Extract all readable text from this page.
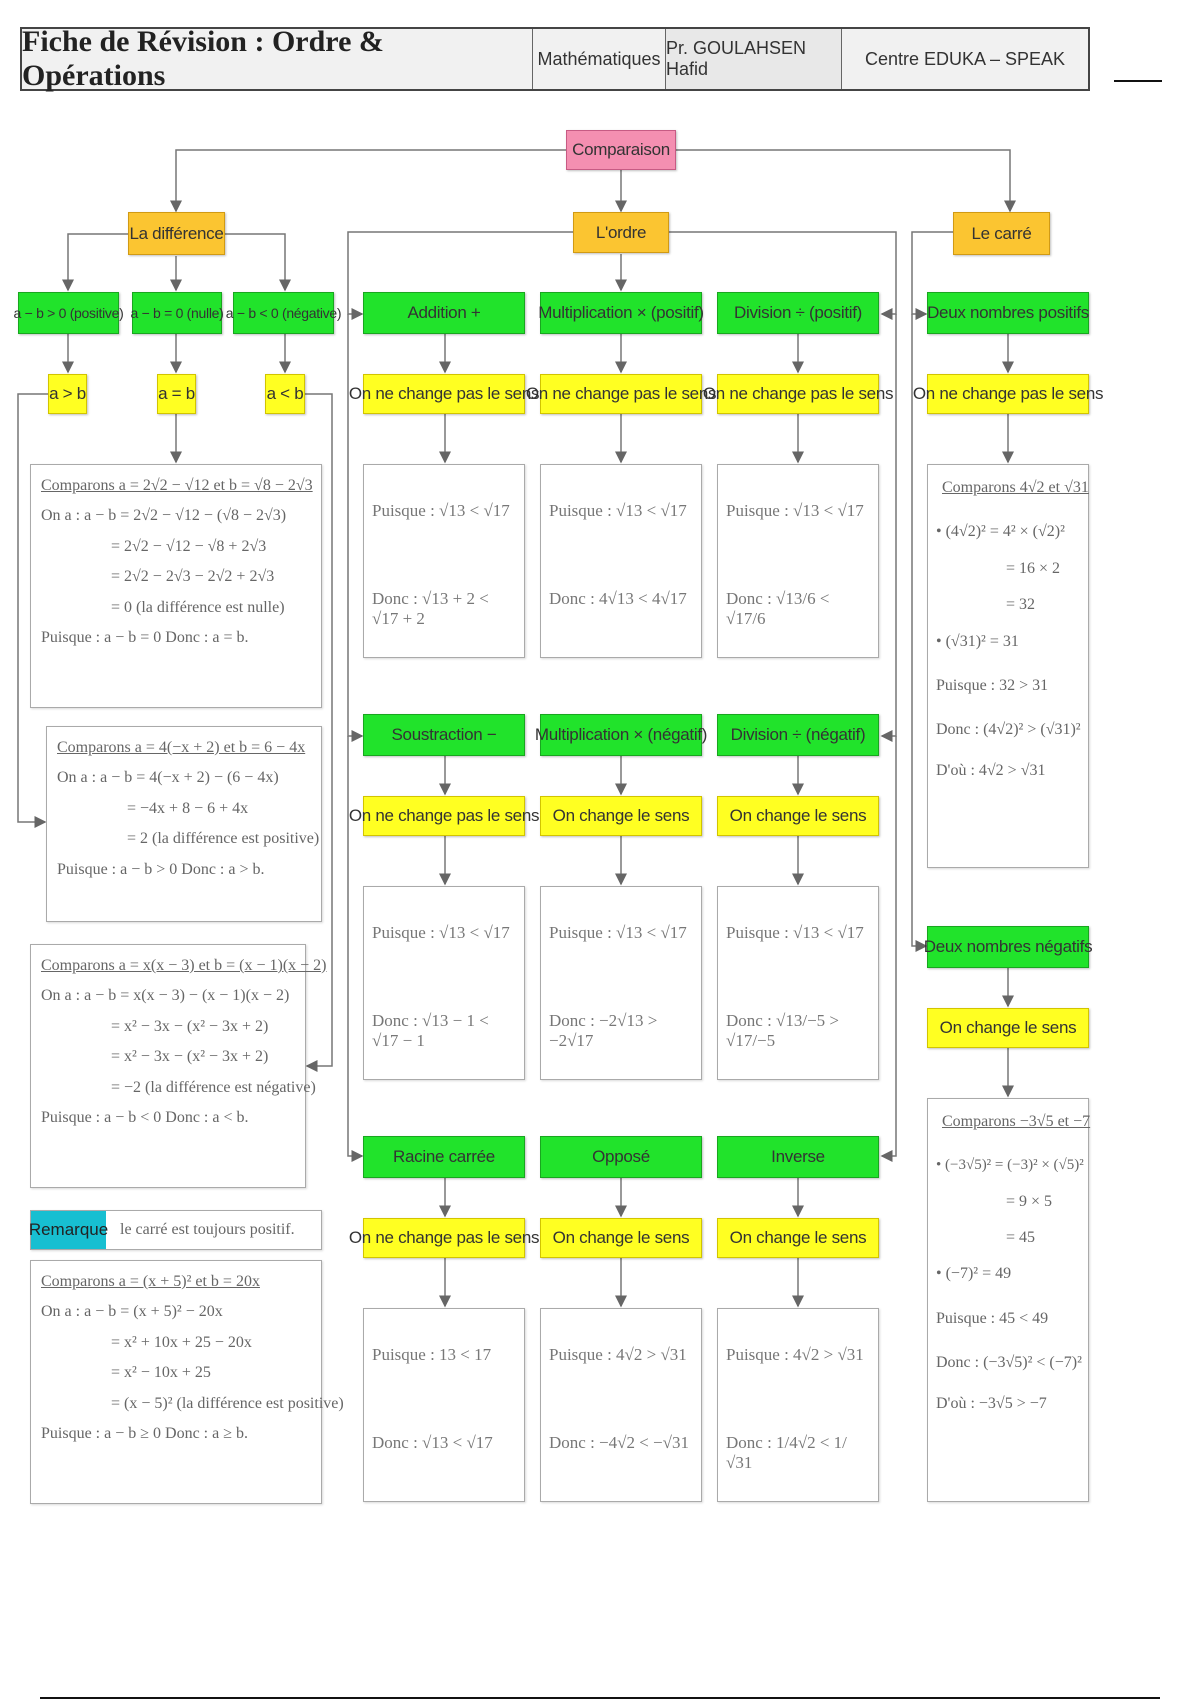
Fiche de Révision : Ordre & Opérations
Mathématiques
Pr. GOULAHSEN Hafid
Centre EDUKA – SPEAK
Comparaison
La différence	L'ordre	Le carré
a − b > 0 (positive) a − b = 0 (nulle) a − b < 0 (négative)
a > b	a = b	a < b
Comparons a = 2√2 − √12 et b = √8 − 2√3
On a : a − b = 2√2 − √12 − (√8 − 2√3)
= 2√2 − √12 − √8 + 2√3
= 2√2 − 2√3 − 2√2 + 2√3
= 0 (la différence est nulle)
Puisque : a − b = 0 Donc : a = b.
Comparons a = 4(−x + 2) et b = 6 − 4x
On a : a − b = 4(−x + 2) − (6 − 4x)
= −4x + 8 − 6 + 4x
= 2 (la différence est positive)
Puisque : a − b > 0 Donc : a > b.
Comparons a = x(x − 3) et b = (x − 1)(x − 2)
On a : a − b = x(x − 3) − (x − 1)(x − 2)
= x² − 3x − (x² − 3x + 2)
= x² − 3x − (x² − 3x + 2)
= −2 (la différence est négative)
Puisque : a − b < 0 Donc : a < b.
Remarque le carré est toujours positif.
Comparons a = (x + 5)² et b = 20x
On a : a − b = (x + 5)² − 20x
= x² + 10x + 25 − 20x
= x² − 10x + 25
= (x − 5)² (la différence est positive)
Puisque : a − b ≥ 0 Donc : a ≥ b.
Addition +	Multiplication × (positif)	Division ÷ (positif)
On ne change pas le sens
On ne change pas le sens
On ne change pas le sens
Puisque : √13 < √17
Donc : √13 + 2 < √17 + 2
Puisque : √13 < √17
Donc : 4√13 < 4√17
Puisque : √13 < √17
Donc : √13/6 < √17/6
Soustraction −	Multiplication × (négatif)	Division ÷ (négatif)
On ne change pas le sens On change le sens	On change le sens
Puisque : √13 < √17
Donc : √13 − 1 < √17 − 1
Puisque : √13 < √17
Donc : −2√13 > −2√17
Puisque : √13 < √17
Donc : √13/−5 > √17/−5
Racine carrée	Opposé	Inverse
On ne change pas le sens On change le sens	On change le sens
Puisque : 13 < 17
Donc : √13 < √17
Puisque : 4√2 > √31
Donc : −4√2 < −√31
Puisque : 4√2 > √31
Donc : 1/4√2 < 1/√31
Deux nombres positifs
On ne change pas le sens
Comparons 4√2 et √31
• (4√2)² = 4² × (√2)²
= 16 × 2
= 32
• (√31)² = 31
Puisque : 32 > 31
Donc : (4√2)² > (√31)²
D'où : 4√2 > √31
Deux nombres négatifs
On change le sens
Comparons −3√5 et −7
• (−3√5)² = (−3)² × (√5)²
= 9 × 5
= 45
• (−7)² = 49
Puisque : 45 < 49
Donc : (−3√5)² < (−7)²
D'où : −3√5 > −7
